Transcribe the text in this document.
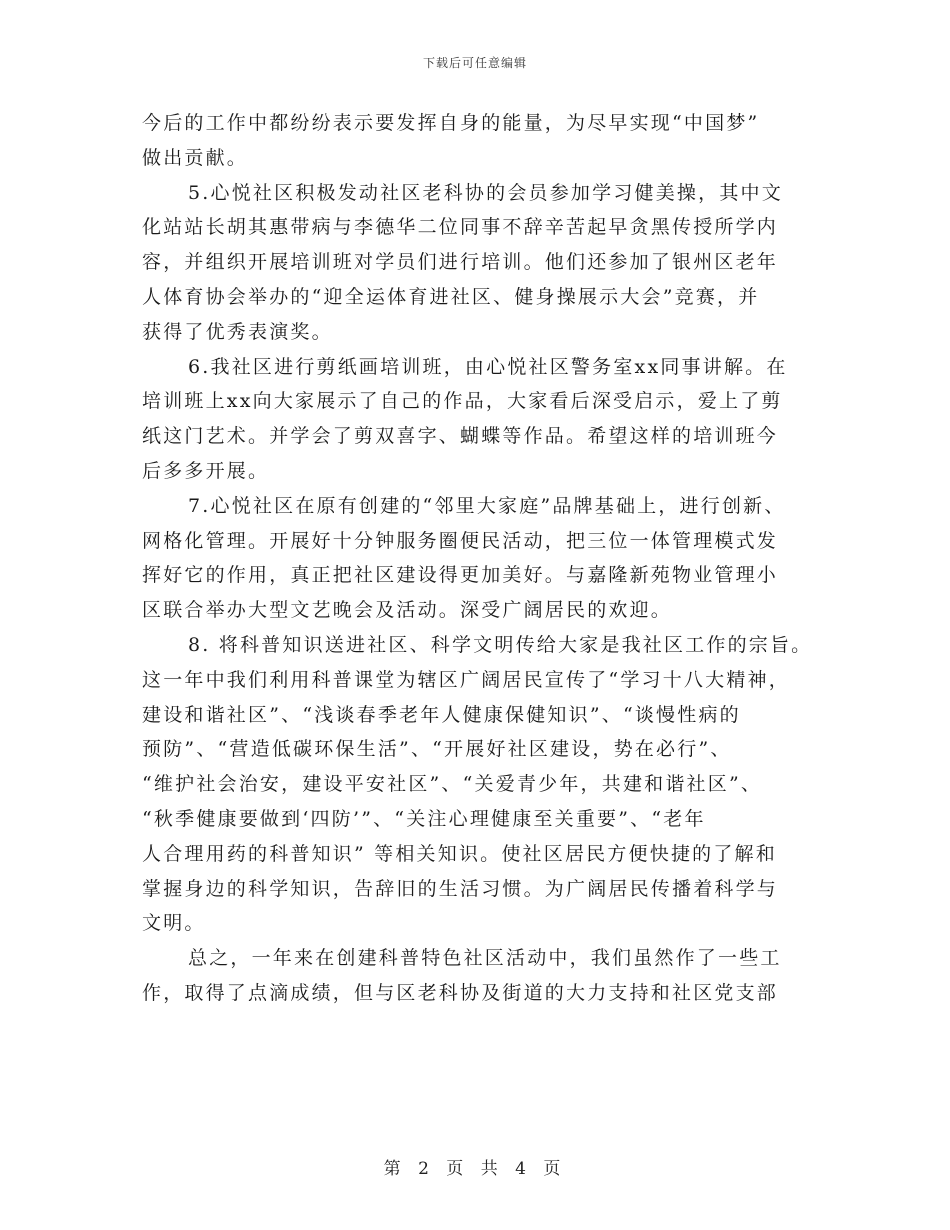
下载后可任意编辑
今后的工作中都纷纷表示要发挥自身的能量，为尽早实现“中国梦”
做出贡献。
5.心悦社区积极发动社区老科协的会员参加学习健美操，其中文
化站站长胡其惠带病与李德华二位同事不辞辛苦起早贪黑传授所学内
容，并组织开展培训班对学员们进行培训。他们还参加了银州区老年
人体育协会举办的“迎全运体育进社区、健身操展示大会”竞赛，并
获得了优秀表演奖。
6.我社区进行剪纸画培训班，由心悦社区警务室xx同事讲解。在
培训班上xx向大家展示了自己的作品，大家看后深受启示，爱上了剪
纸这门艺术。并学会了剪双喜字、蝴蝶等作品。希望这样的培训班今
后多多开展。
7.心悦社区在原有创建的“邻里大家庭”品牌基础上，进行创新、
网格化管理。开展好十分钟服务圈便民活动，把三位一体管理模式发
挥好它的作用，真正把社区建设得更加美好。与嘉隆新苑物业管理小
区联合举办大型文艺晚会及活动。深受广阔居民的欢迎。
8. 将科普知识送进社区、科学文明传给大家是我社区工作的宗旨。
这一年中我们利用科普课堂为辖区广阔居民宣传了“学习十八大精神，
建设和谐社区”、“浅谈春季老年人健康保健知识”、“谈慢性病的
预防”、“营造低碳环保生活”、“开展好社区建设，势在必行”、
“维护社会治安，建设平安社区”、“关爱青少年，共建和谐社区”、
“秋季健康要做到‘四防’”、“关注心理健康至关重要”、“老年
人合理用药的科普知识” 等相关知识。使社区居民方便快捷的了解和
掌握身边的科学知识，告辞旧的生活习惯。为广阔居民传播着科学与
文明。
总之，一年来在创建科普特色社区活动中，我们虽然作了一些工
作，取得了点滴成绩，但与区老科协及街道的大力支持和社区党支部
第 2 页 共 4 页
